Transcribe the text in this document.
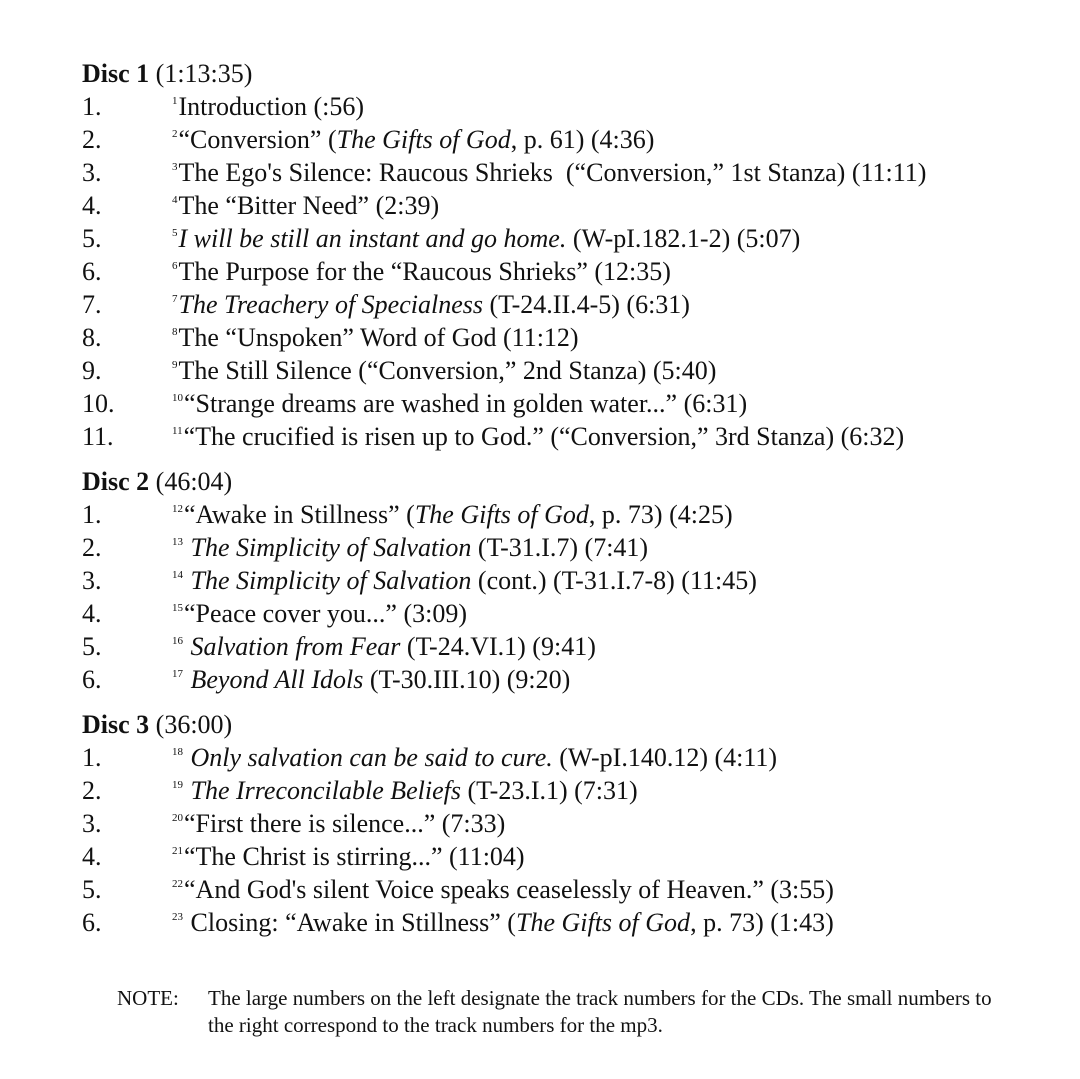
Disc 1 (1:13:35)
1.	$^1$Introduction (:56)
2.	$^2$“Conversion” (The Gifts of God, p. 61) (4:36)
3.	$^3$The Ego's Silence: Raucous Shrieks  (“Conversion,” 1st Stanza) (11:11)
4.	$^4$The “Bitter Need” (2:39)
5.	$^5$I will be still an instant and go home. (W-pI.182.1-2) (5:07)
6.	$^6$The Purpose for the “Raucous Shrieks” (12:35)
7.	$^7$The Treachery of Specialness (T-24.II.4-5) (6:31)
8.	$^8$The “Unspoken” Word of God (11:12)
9.	$^9$The Still Silence (“Conversion,” 2nd Stanza) (5:40)
10.	$^{10}$“Strange dreams are washed in golden water...” (6:31)
11.	$^{11}$“The crucified is risen up to God.” (“Conversion,” 3rd Stanza) (6:32)
Disc 2 (46:04)
1.	$^{12}$“Awake in Stillness” (The Gifts of God, p. 73) (4:25)
2.	$^{13}$ The Simplicity of Salvation (T-31.I.7) (7:41)
3.	$^{14}$ The Simplicity of Salvation (cont.) (T-31.I.7-8) (11:45)
4.	$^{15}$“Peace cover you...” (3:09)
5.	$^{16}$ Salvation from Fear (T-24.VI.1) (9:41)
6.	$^{17}$ Beyond All Idols (T-30.III.10) (9:20)
Disc 3 (36:00)
1.	$^{18}$ Only salvation can be said to cure. (W-pI.140.12) (4:11)
2.	$^{19}$ The Irreconcilable Beliefs (T-23.I.1) (7:31)
3.	$^{20}$“First there is silence...” (7:33)
4.	$^{21}$“The Christ is stirring...” (11:04)
5.	$^{22}$“And God's silent Voice speaks ceaselessly of Heaven.” (3:55)
6.	$^{23}$ Closing: “Awake in Stillness” (The Gifts of God, p. 73) (1:43)
NOTE: The large numbers on the left designate the track numbers for the CDs. The small numbers to the right correspond to the track numbers for the mp3.
